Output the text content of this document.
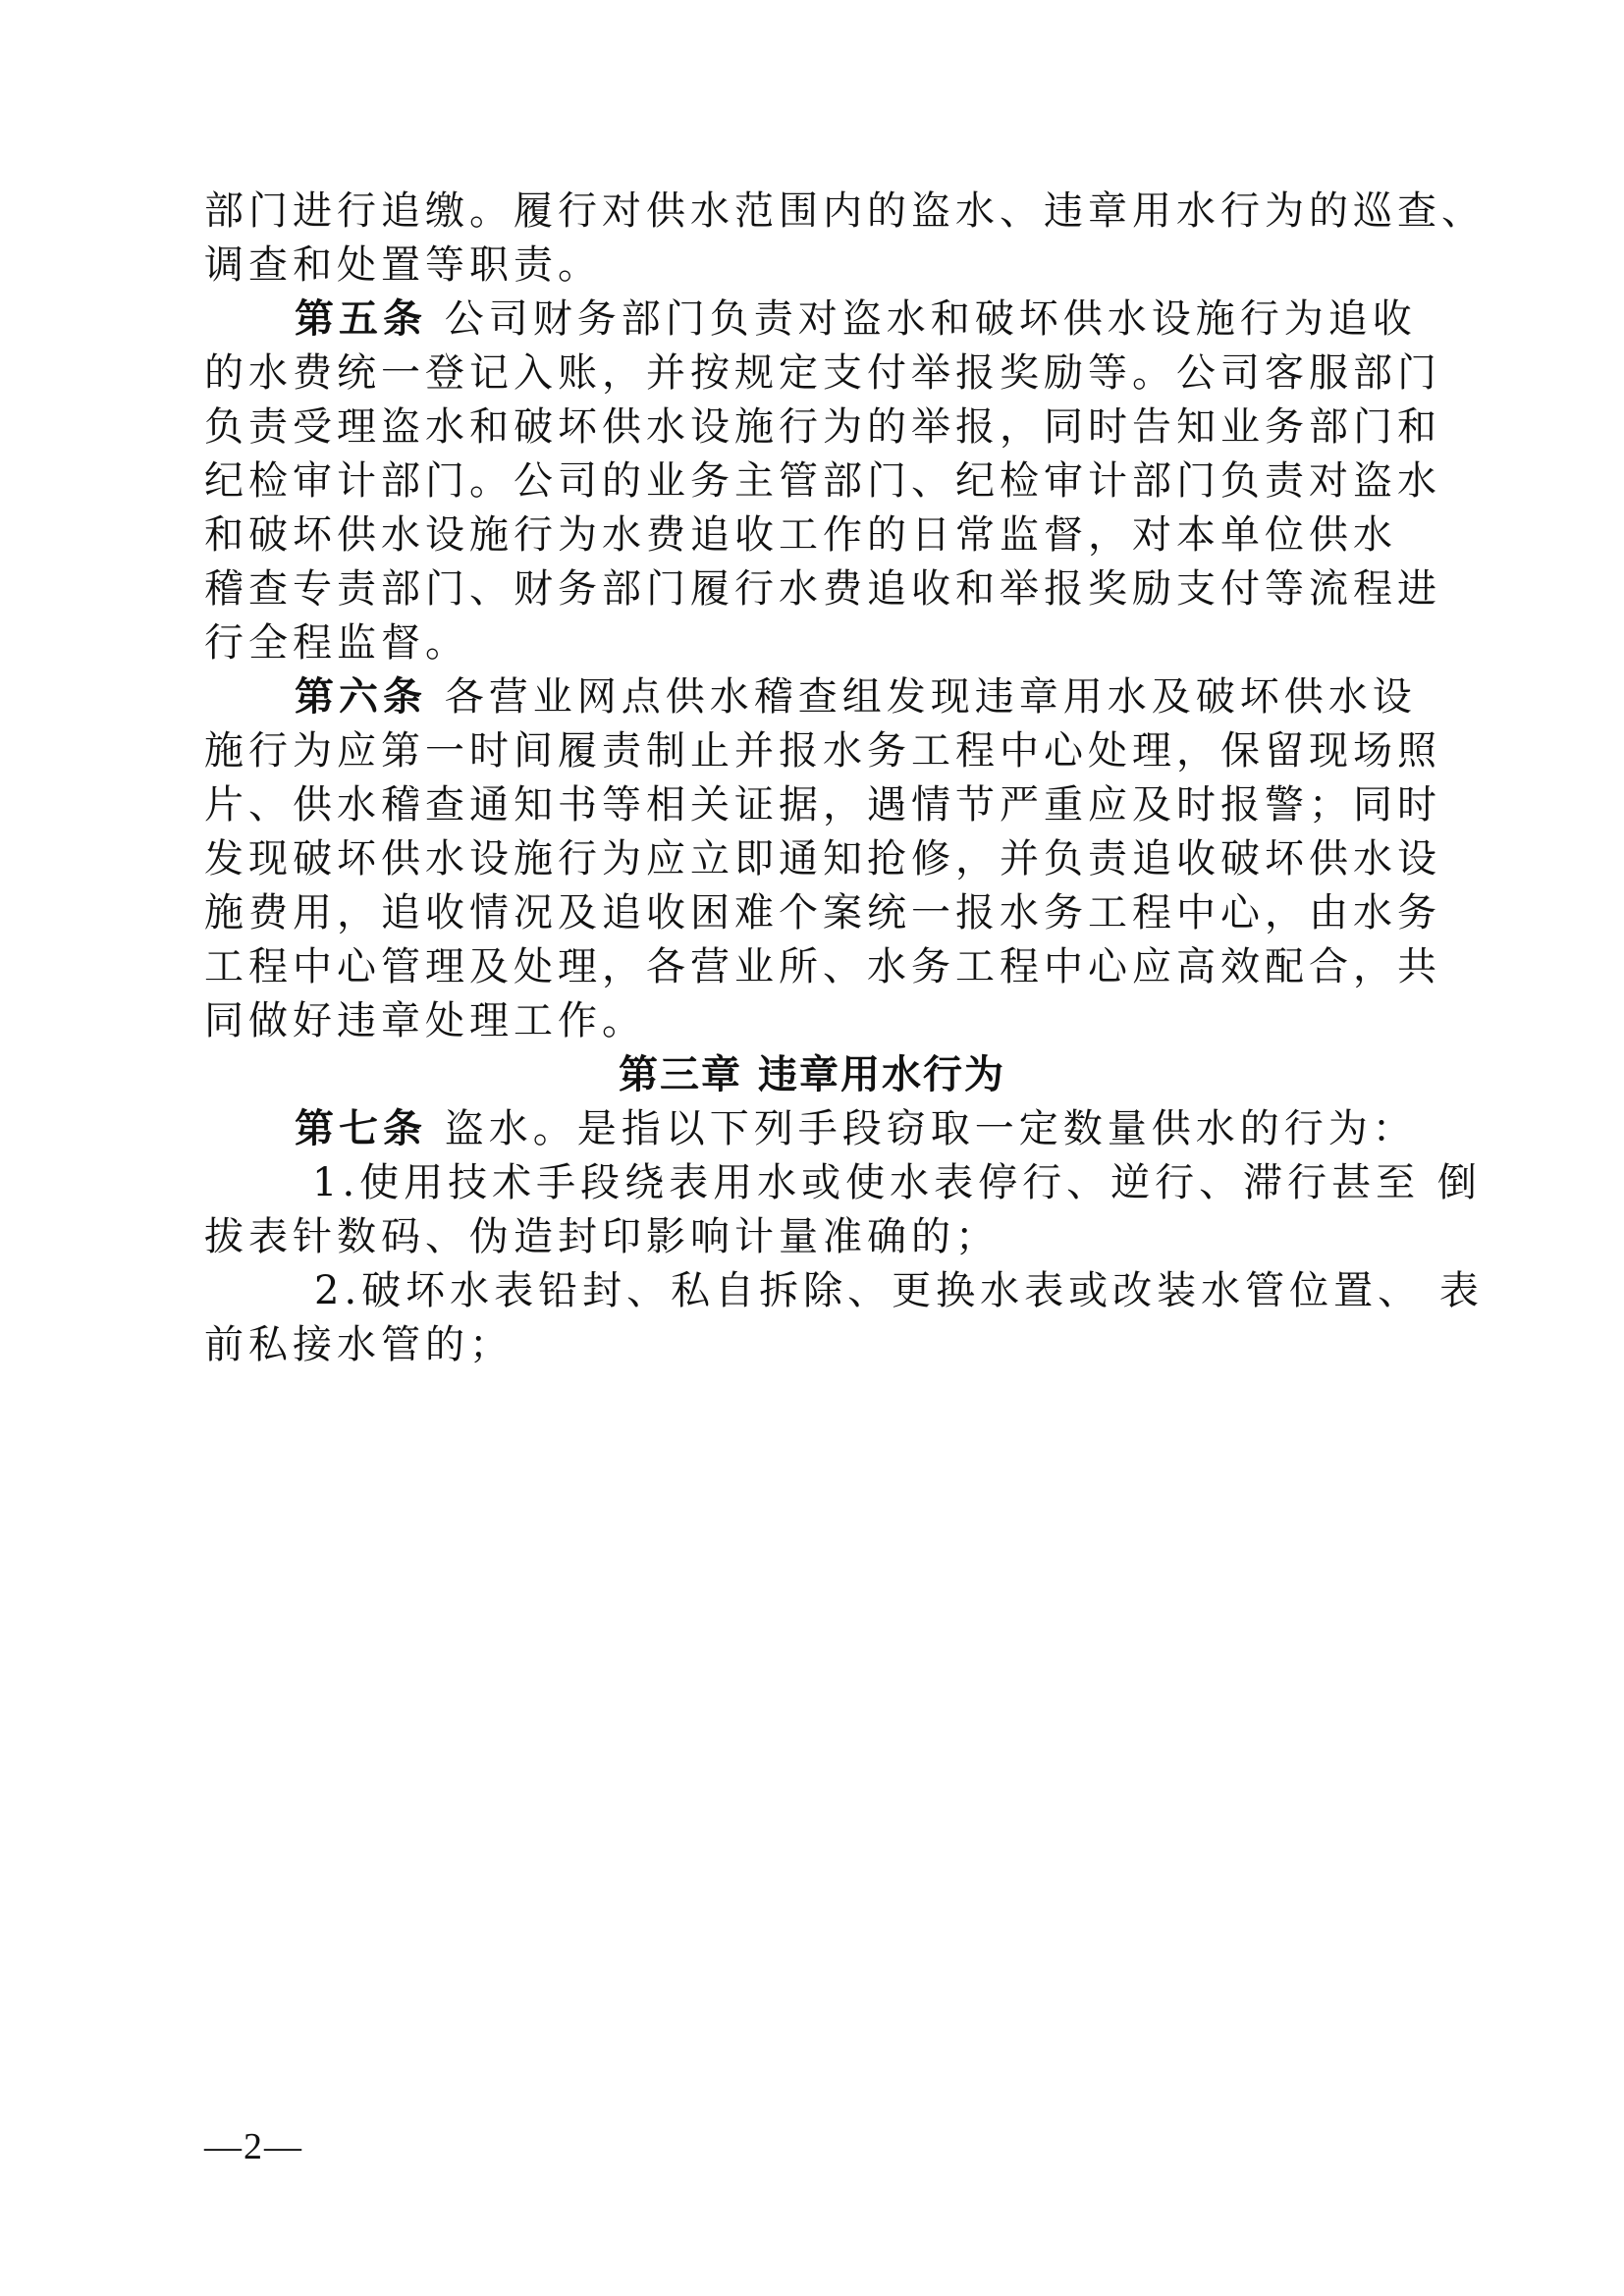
部门进行追缴。履行对供水范围内的盗水、违章用水行为的巡查、
调查和处置等职责。
第五条 公司财务部门负责对盗水和破坏供水设施行为追收
的水费统一登记入账，并按规定支付举报奖励等。公司客服部门
负责受理盗水和破坏供水设施行为的举报，同时告知业务部门和
纪检审计部门。公司的业务主管部门、纪检审计部门负责对盗水
和破坏供水设施行为水费追收工作的日常监督，对本单位供水
稽查专责部门、财务部门履行水费追收和举报奖励支付等流程进
行全程监督。
第六条 各营业网点供水稽查组发现违章用水及破坏供水设
施行为应第一时间履责制止并报水务工程中心处理，保留现场照
片、供水稽查通知书等相关证据，遇情节严重应及时报警；同时
发现破坏供水设施行为应立即通知抢修，并负责追收破坏供水设
施费用，追收情况及追收困难个案统一报水务工程中心，由水务
工程中心管理及处理，各营业所、水务工程中心应高效配合，共
同做好违章处理工作。
第三章 违章用水行为
第七条 盗水。是指以下列手段窃取一定数量供水的行为：
1.使用技术手段绕表用水或使水表停行、逆行、滞行甚至 倒
拔表针数码、伪造封印影响计量准确的；
2.破坏水表铅封、私自拆除、更换水表或改装水管位置、 表
前私接水管的；
—2—
